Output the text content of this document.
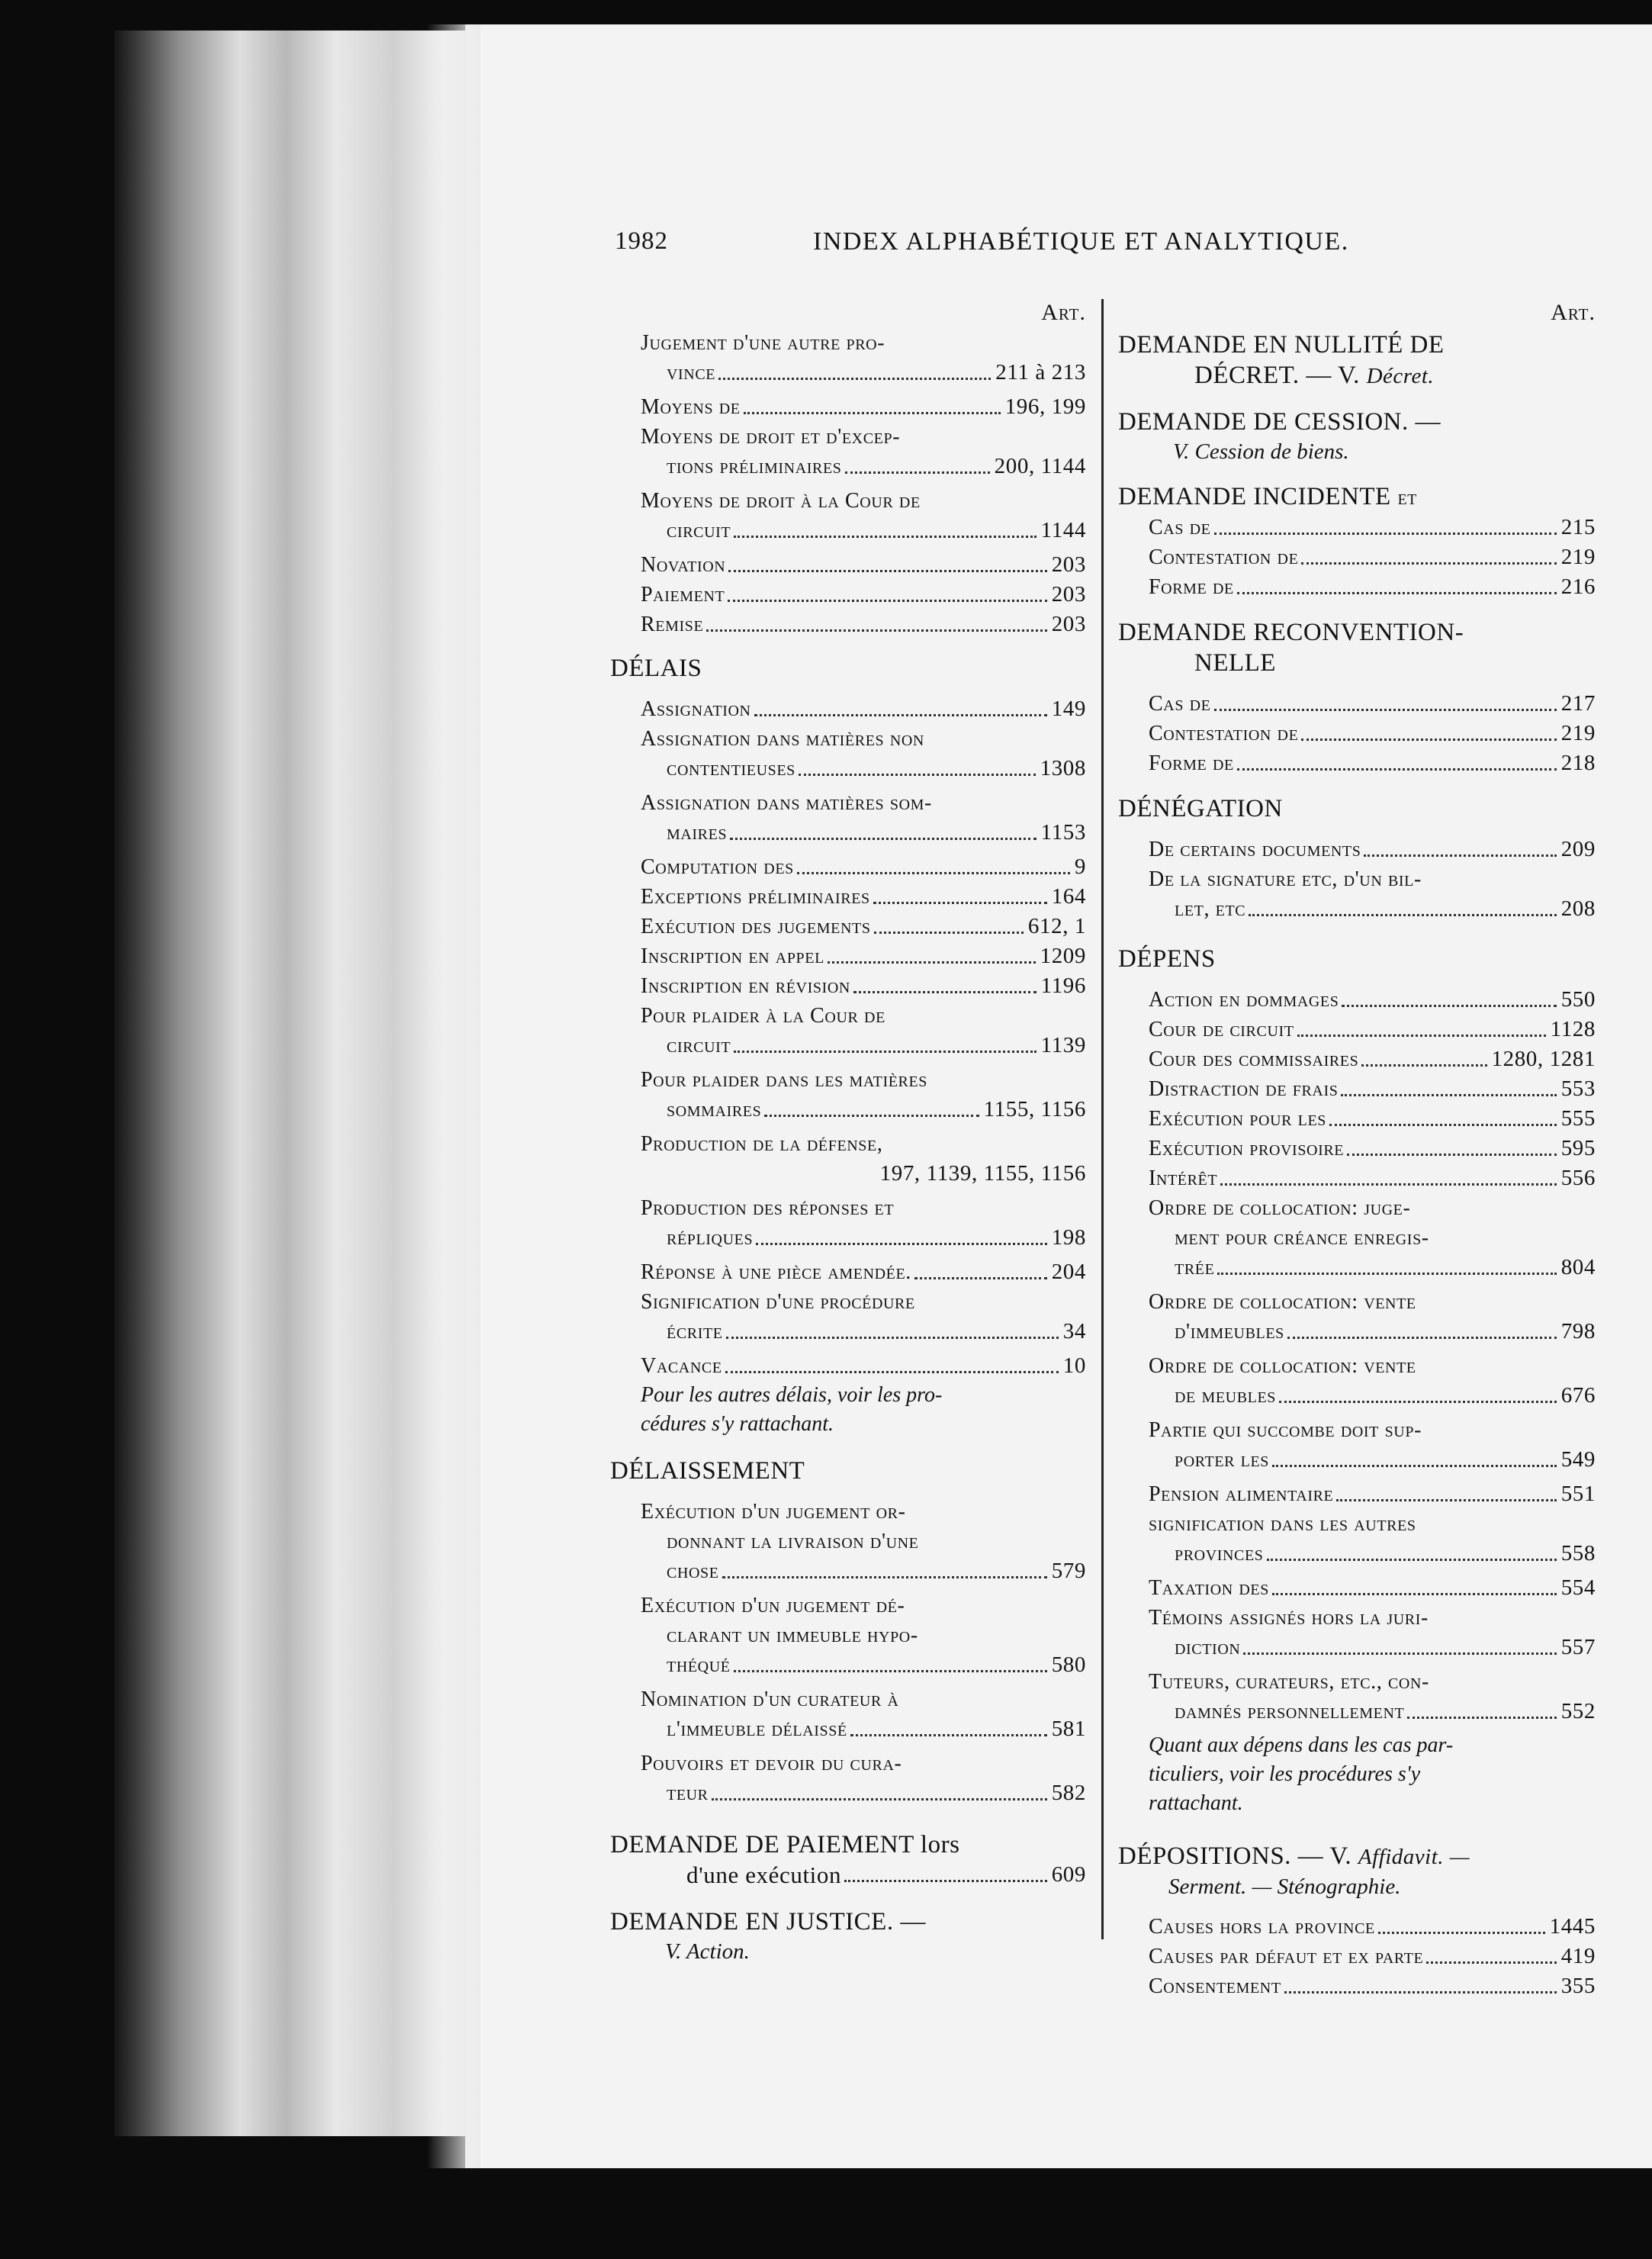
1982	INDEX ALPHABÉTIQUE ET ANALYTIQUE.
Art.
Jugement d'une autre pro-
vince	211 à 213
Moyens de	196, 199
Moyens de droit et d'excep-
tions préliminaires	200, 1144
Moyens de droit à la Cour de
circuit	1144
Novation	203
Paiement	203
Remise	203
DÉLAIS
Assignation	149
Assignation dans matières non
contentieuses	1308
Assignation dans matières som-
maires	1153
Computation des	9
Exceptions préliminaires	164
Exécution des jugements	612, 1
Inscription en appel	1209
Inscription en révision	1196
Pour plaider à la Cour de
circuit	1139
Pour plaider dans les matières
sommaires	1155, 1156
Production de la défense,
197, 1139, 1155, 1156
Production des réponses et
répliques	198
Réponse à une pièce amendée.	204
Signification d'une procédure
écrite	34
Vacance	10
Pour les autres délais, voir les pro-
cédures s'y rattachant.
DÉLAISSEMENT
Exécution d'un jugement or-
donnant la livraison d'une
chose	579
Exécution d'un jugement dé-
clarant un immeuble hypo-
théqué	580
Nomination d'un curateur à
l'immeuble délaissé	581
Pouvoirs et devoir du cura-
teur	582
DEMANDE DE PAIEMENT lors
d'une exécution	609
DEMANDE EN JUSTICE. —
V. Action.
Art.
DEMANDE EN NULLITÉ DE
DÉCRET. — V. Décret.
DEMANDE DE CESSION. —
V. Cession de biens.
DEMANDE INCIDENTE et
Cas de	215
Contestation de	219
Forme de	216
DEMANDE RECONVENTION-
NELLE
Cas de	217
Contestation de	219
Forme de	218
DÉNÉGATION
De certains documents	209
De la signature etc, d'un bil-
let, etc	208
DÉPENS
Action en dommages	550
Cour de circuit	1128
Cour des commissaires	1280, 1281
Distraction de frais	553
Exécution pour les	555
Exécution provisoire	595
Intérêt	556
Ordre de collocation: juge-
ment pour créance enregis-
trée	804
Ordre de collocation: vente
d'immeubles	798
Ordre de collocation: vente
de meubles	676
Partie qui succombe doit sup-
porter les	549
Pension alimentaire	551
signification dans les autres
provinces	558
Taxation des	554
Témoins assignés hors la juri-
diction	557
Tuteurs, curateurs, etc., con-
damnés personnellement	552
Quant aux dépens dans les cas par-
ticuliers, voir les procédures s'y
rattachant.
DÉPOSITIONS. — V. Affidavit. —
Serment. — Sténographie.
Causes hors la province	1445
Causes par défaut et ex parte	419
Consentement	355
